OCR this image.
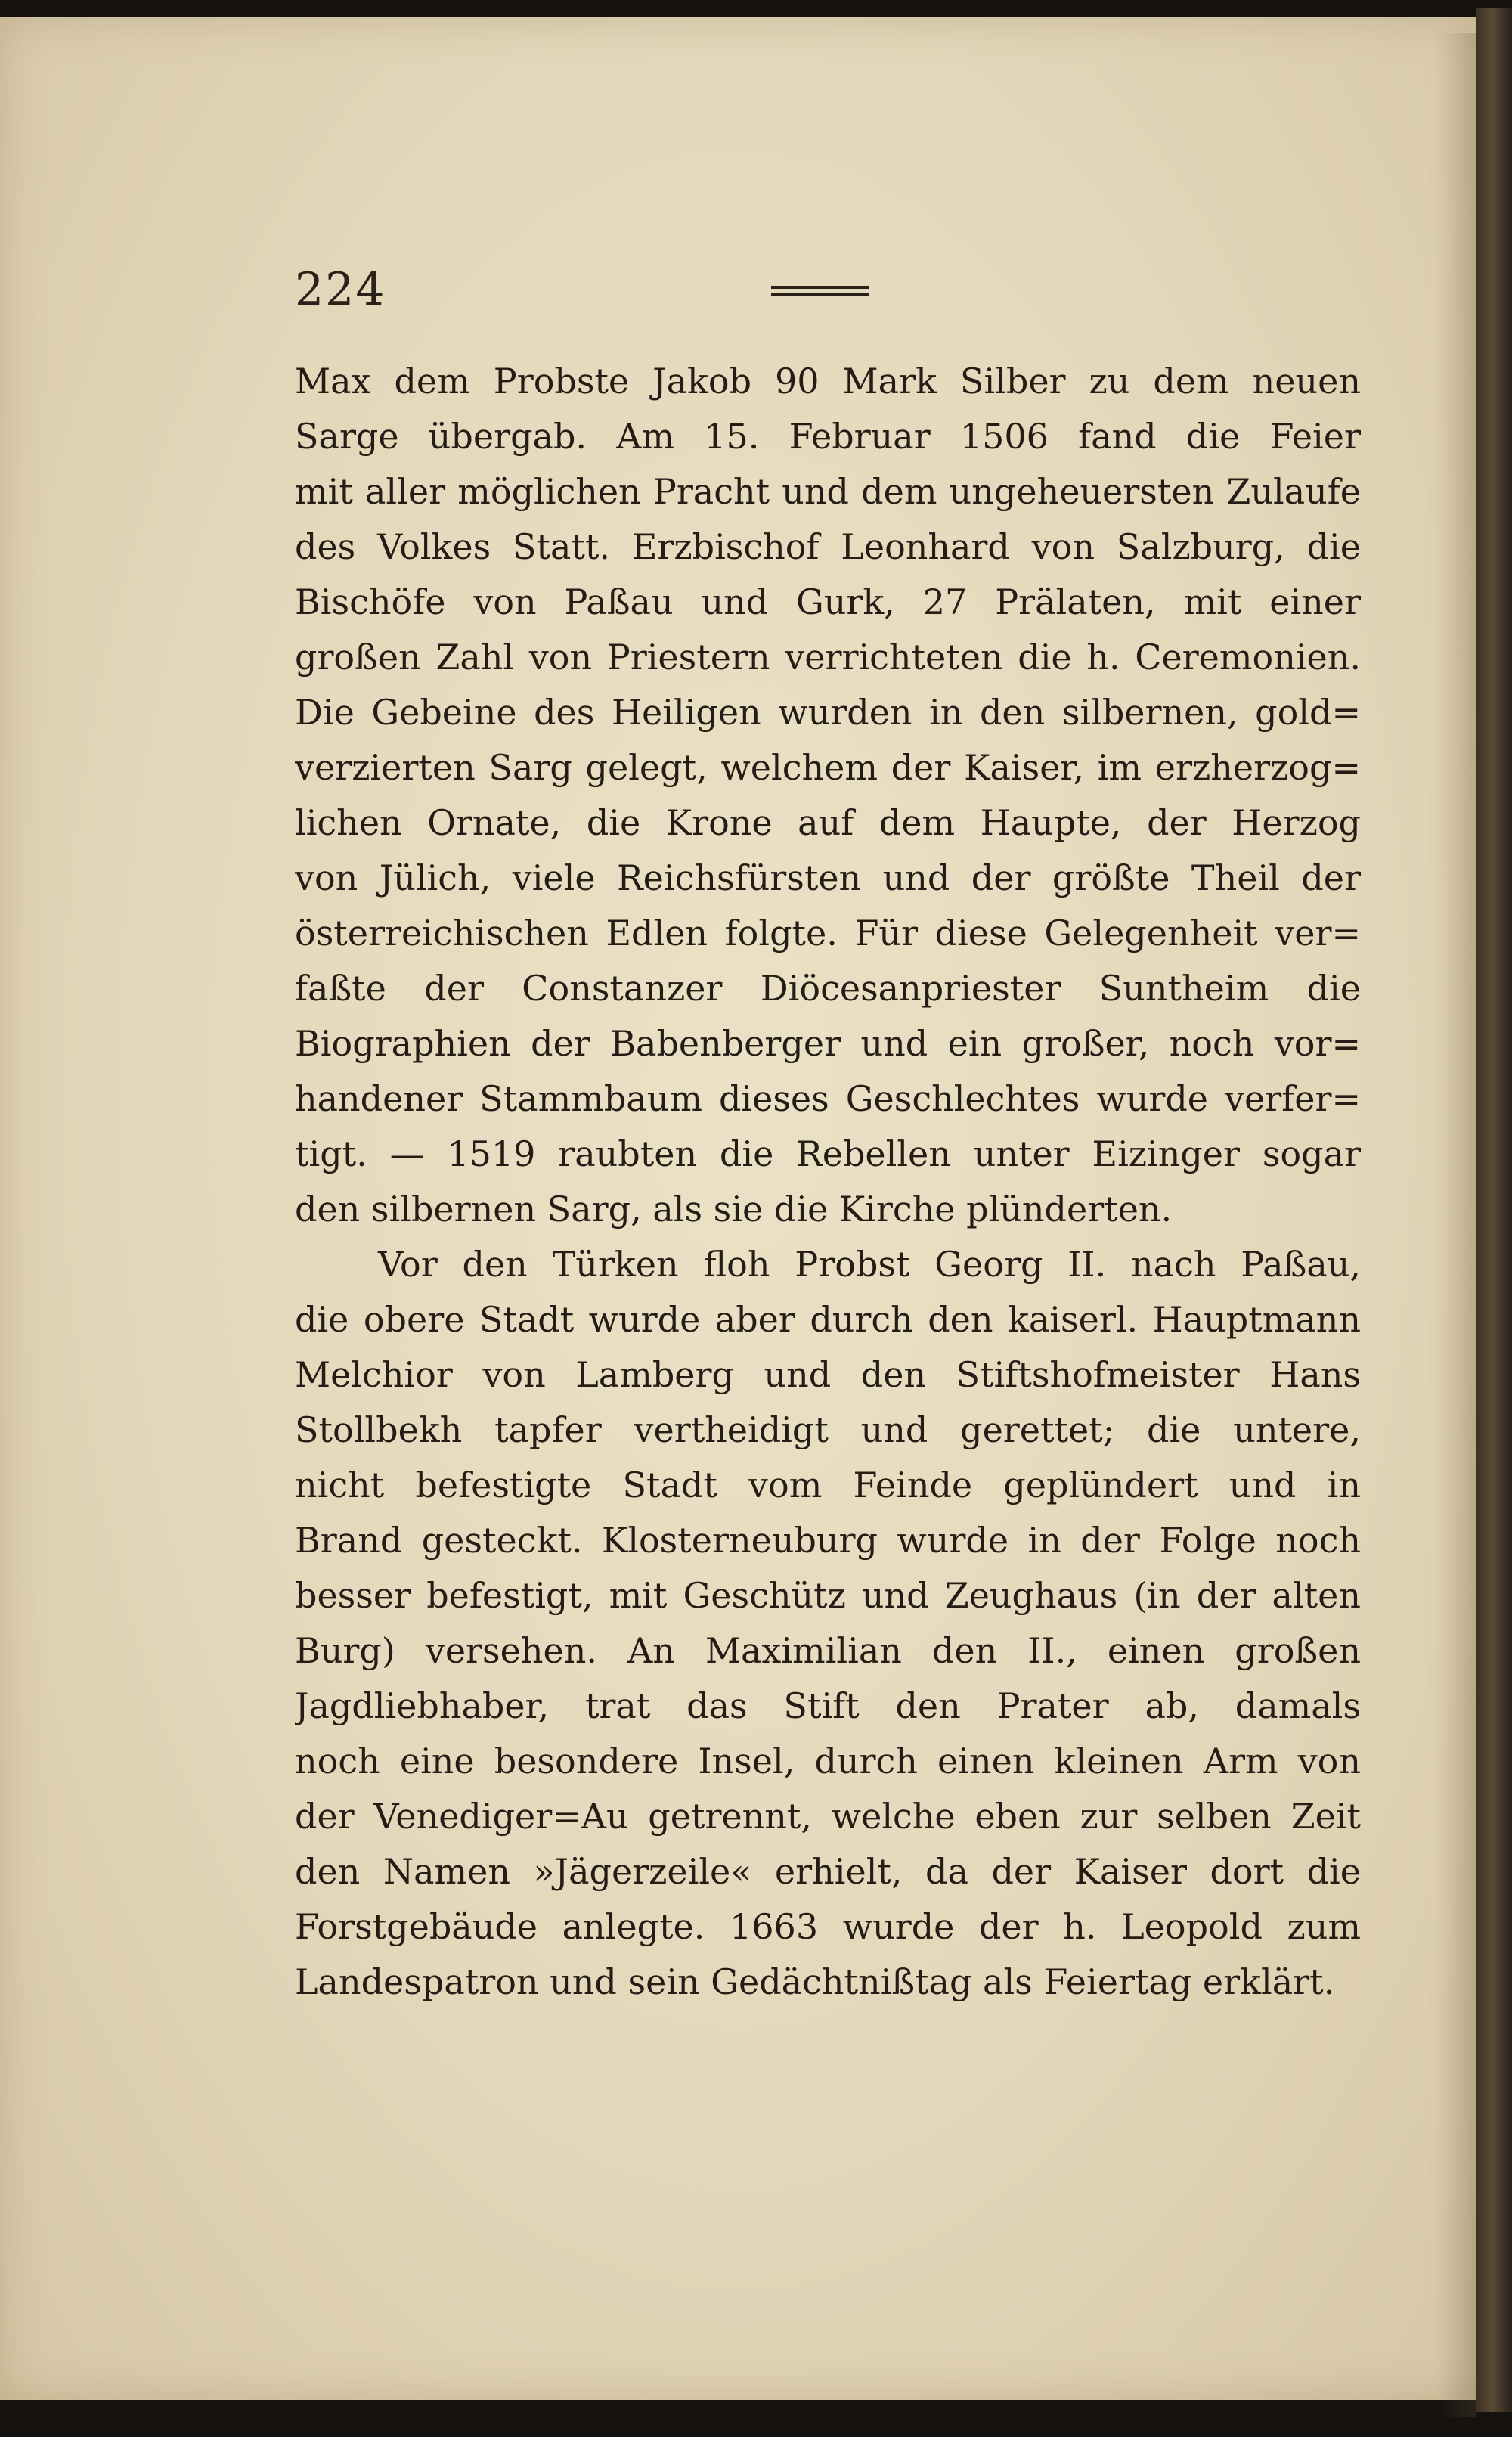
224
Max dem Probste Jakob 90 Mark Silber zu dem neuen
Sarge übergab. Am 15. Februar 1506 fand die Feier
mit aller möglichen Pracht und dem ungeheuersten Zulaufe
des Volkes Statt. Erzbischof Leonhard von Salzburg, die
Bischöfe von Paßau und Gurk, 27 Prälaten, mit einer
großen Zahl von Priestern verrichteten die h. Ceremonien.
Die Gebeine des Heiligen wurden in den silbernen, gold=
verzierten Sarg gelegt, welchem der Kaiser, im erzherzog=
lichen Ornate, die Krone auf dem Haupte, der Herzog
von Jülich, viele Reichsfürsten und der größte Theil der
österreichischen Edlen folgte. Für diese Gelegenheit ver=
faßte der Constanzer Diöcesanpriester Suntheim die
Biographien der Babenberger und ein großer, noch vor=
handener Stammbaum dieses Geschlechtes wurde verfer=
tigt. — 1519 raubten die Rebellen unter Eizinger sogar
den silbernen Sarg, als sie die Kirche plünderten.
Vor den Türken floh Probst Georg II. nach Paßau,
die obere Stadt wurde aber durch den kaiserl. Hauptmann
Melchior von Lamberg und den Stiftshofmeister Hans
Stollbekh tapfer vertheidigt und gerettet; die untere,
nicht befestigte Stadt vom Feinde geplündert und in
Brand gesteckt. Klosterneuburg wurde in der Folge noch
besser befestigt, mit Geschütz und Zeughaus (in der alten
Burg) versehen. An Maximilian den II., einen großen
Jagdliebhaber, trat das Stift den Prater ab, damals
noch eine besondere Insel, durch einen kleinen Arm von
der Venediger=Au getrennt, welche eben zur selben Zeit
den Namen »Jägerzeile« erhielt, da der Kaiser dort die
Forstgebäude anlegte. 1663 wurde der h. Leopold zum
Landespatron und sein Gedächtnißtag als Feiertag erklärt.
